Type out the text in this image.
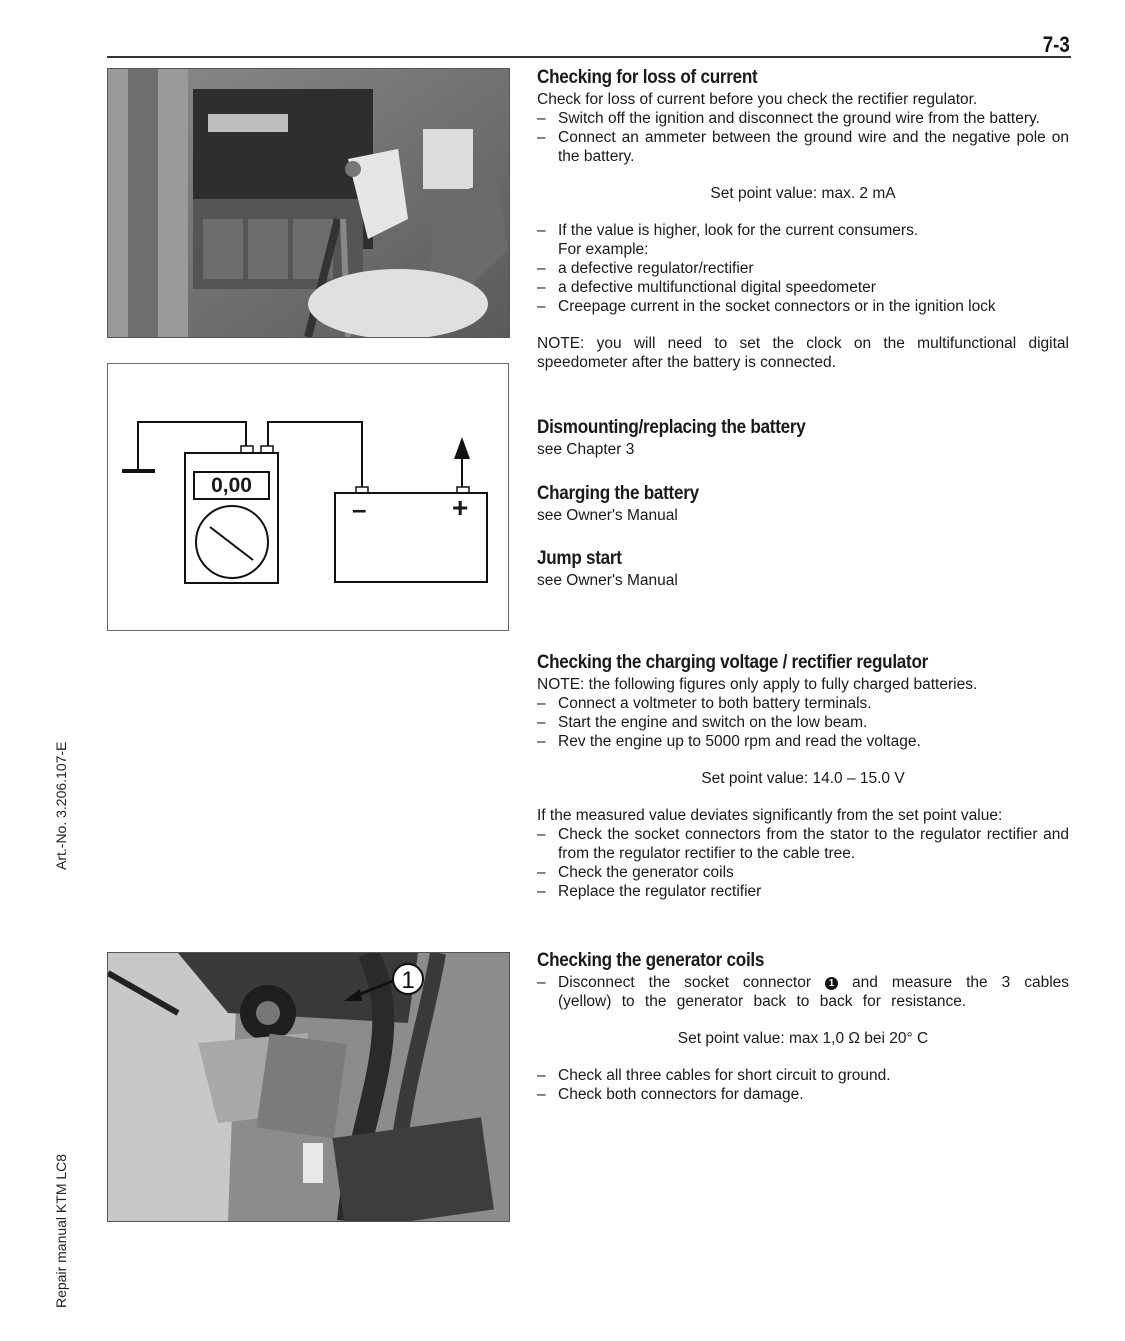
7-3
Art.-No. 3.206.107-E
Repair manual KTM LC8
0,00
–	+
1
Checking for loss of current

Check for loss of current before you check the rectifier regulator.

– Switch off the ignition and disconnect the ground wire from the battery.
– Connect an ammeter between the ground wire and the negative pole on the battery.

Set point value: max. 2 mA

– If the value is higher, look for the current consumers.
For example:
– a defective regulator/rectifier
– a defective multifunctional digital speedometer
– Creepage current in the socket connectors or in the ignition lock

NOTE: you will need to set the clock on the multifunctional digital speedometer after the battery is connected.

Dismounting/replacing the battery

see Chapter 3

Charging the battery

see Owner's Manual

Jump start

see Owner's Manual

Checking the charging voltage / rectifier regulator

NOTE: the following figures only apply to fully charged batteries.

– Connect a voltmeter to both battery terminals.
– Start the engine and switch on the low beam.
– Rev the engine up to 5000 rpm and read the voltage.

Set point value: 14.0 – 15.0 V

If the measured value deviates significantly from the set point value:

– Check the socket connectors from the stator to the regulator rectifier and from the regulator rectifier to the cable tree.
– Check the generator coils
– Replace the regulator rectifier
Checking the generator coils
– Disconnect the socket connector 1 and measure the 3 cables (yellow) to the generator back to back for resistance.

Set point value: max 1,0 Ω bei 20° C

– Check all three cables for short circuit to ground.
– Check both connectors for damage.
